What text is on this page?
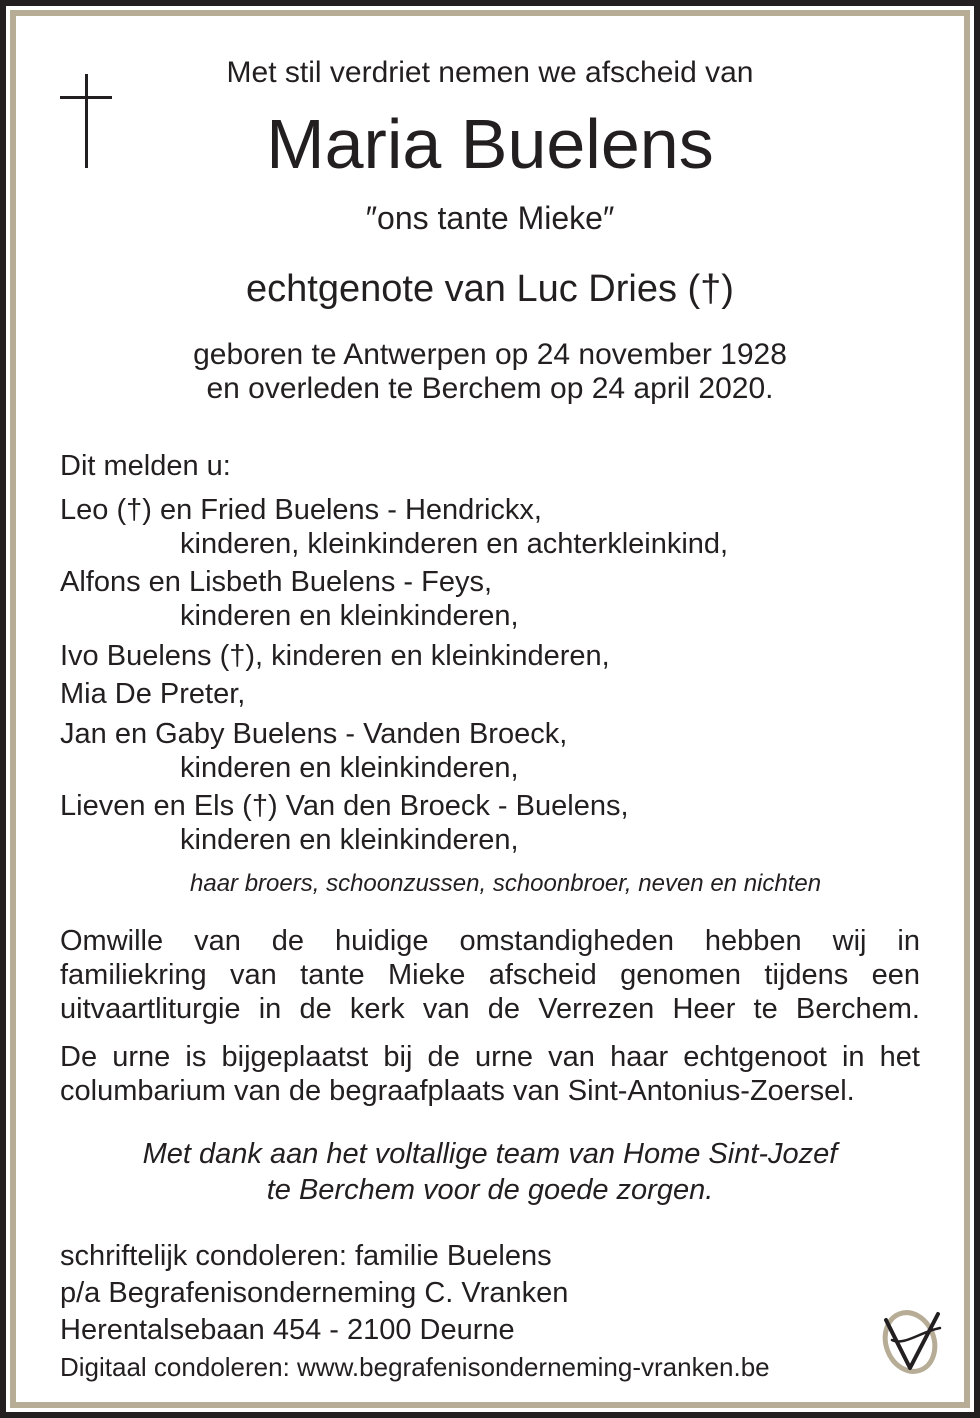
Met stil verdriet nemen we afscheid van
Maria Buelens
″ons tante Mieke″
echtgenote van Luc Dries (†)
geboren te Antwerpen op 24 november 1928
en overleden te Berchem op 24 april 2020.
Dit melden u:
Leo (†) en Fried Buelens - Hendrickx,
kinderen, kleinkinderen en achterkleinkind,
Alfons en Lisbeth Buelens - Feys,
kinderen en kleinkinderen,
Ivo Buelens (†), kinderen en kleinkinderen,
Mia De Preter,
Jan en Gaby Buelens - Vanden Broeck,
kinderen en kleinkinderen,
Lieven en Els (†) Van den Broeck - Buelens,
kinderen en kleinkinderen,
haar broers, schoonzussen, schoonbroer, neven en nichten
Omwille van de huidige omstandigheden hebben wij in
familiekring van tante Mieke afscheid genomen tijdens een
uitvaartliturgie in de kerk van de Verrezen Heer te Berchem.
De urne is bijgeplaatst bij de urne van haar echtgenoot in het
columbarium van de begraafplaats van Sint-Antonius-Zoersel.
Met dank aan het voltallige team van Home Sint-Jozef
te Berchem voor de goede zorgen.
schriftelijk condoleren: familie Buelens
p/a Begrafenisonderneming C. Vranken
Herentalsebaan 454 - 2100 Deurne
Digitaal condoleren: www.begrafenisonderneming-vranken.be
